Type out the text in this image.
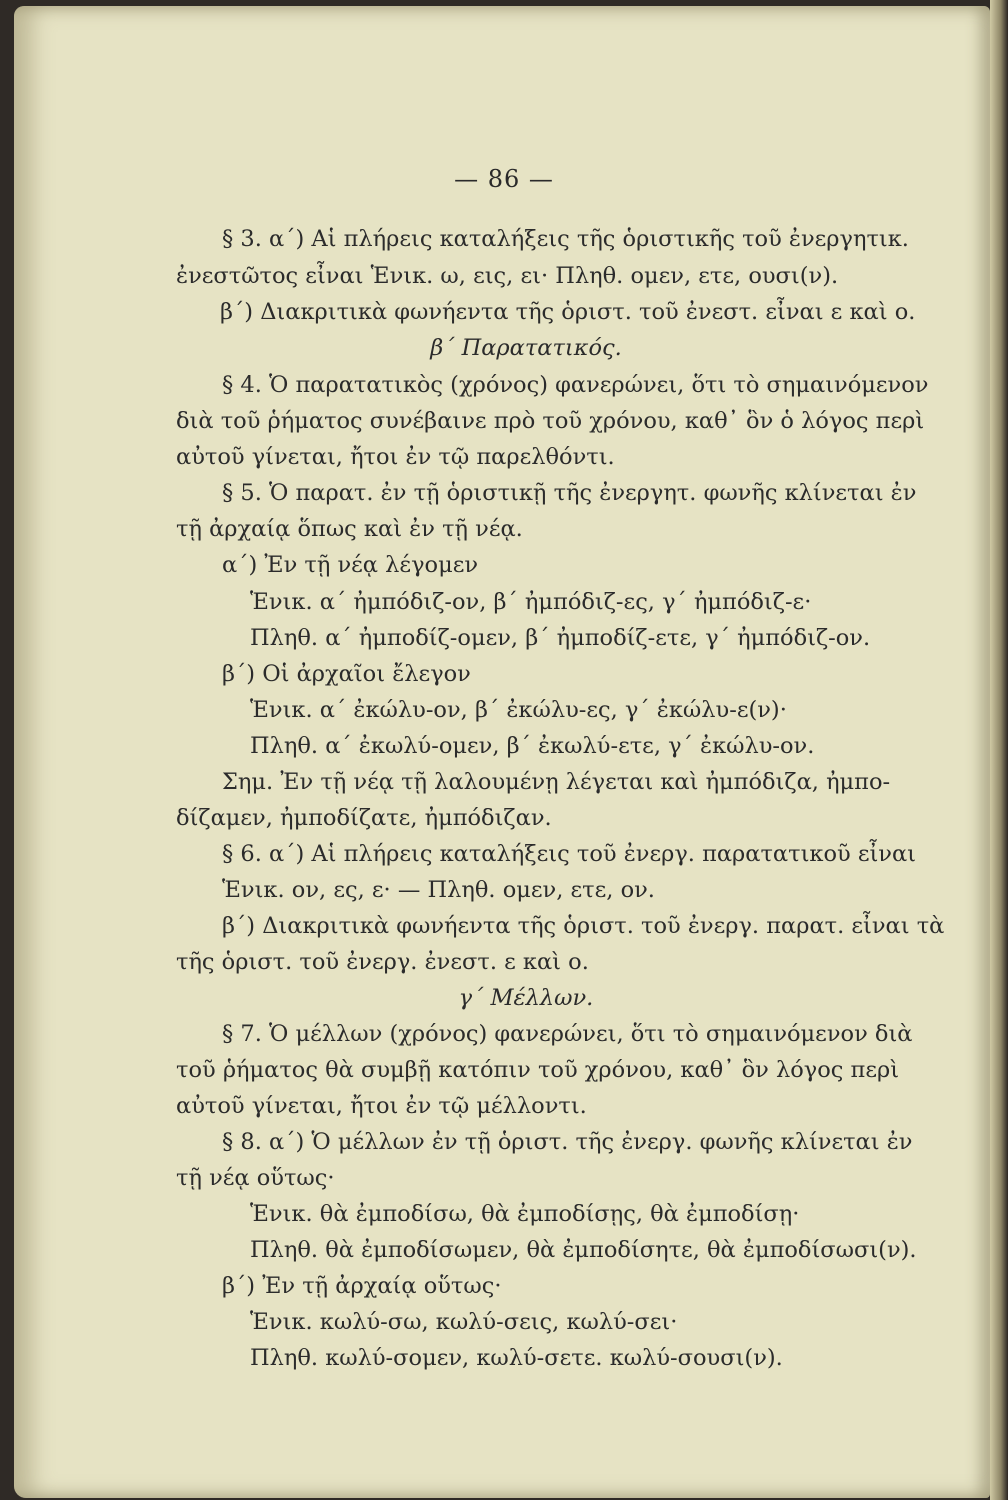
— 86 —
§ 3. α΄) Αἱ πλήρεις καταλήξεις τῆς ὁριστικῆς τοῦ ἐνεργητικ.
ἐνεστῶτος εἶναι Ἑνικ. ω, εις, ει· Πληθ. ομεν, ετε, ουσι(ν).
β΄) Διακριτικὰ φωνήεντα τῆς ὁριστ. τοῦ ἐνεστ. εἶναι ε καὶ ο.
β΄ Παρατατικός.
§ 4. Ὁ παρατατικὸς (χρόνος) φανερώνει, ὅτι τὸ σημαινόμενον
διὰ τοῦ ῥήματος συνέβαινε πρὸ τοῦ χρόνου, καθ᾽ ὃν ὁ λόγος περὶ
αὐτοῦ γίνεται, ἤτοι ἐν τῷ παρελθόντι.
§ 5. Ὁ παρατ. ἐν τῇ ὁριστικῇ τῆς ἐνεργητ. φωνῆς κλίνεται ἐν
τῇ ἀρχαίᾳ ὅπως καὶ ἐν τῇ νέᾳ.
α΄) Ἐν τῇ νέᾳ λέγομεν
Ἑνικ. α΄ ἠμπόδιζ-ον, β΄ ἠμπόδιζ-ες, γ΄ ἠμπόδιζ-ε·
Πληθ. α΄ ἠμποδίζ-ομεν, β΄ ἠμποδίζ-ετε, γ΄ ἠμπόδιζ-ον.
β΄) Οἱ ἀρχαῖοι ἔλεγον
Ἑνικ. α΄ ἐκώλυ-ον, β΄ ἐκώλυ-ες, γ΄ ἐκώλυ-ε(ν)·
Πληθ. α΄ ἐκωλύ-ομεν, β΄ ἐκωλύ-ετε, γ΄ ἐκώλυ-ον.
Σημ. Ἐν τῇ νέᾳ τῇ λαλουμένῃ λέγεται καὶ ἠμπόδιζα, ἠμπο-
δίζαμεν, ἠμποδίζατε, ἠμπόδιζαν.
§ 6. α΄) Αἱ πλήρεις καταλήξεις τοῦ ἐνεργ. παρατατικοῦ εἶναι
Ἑνικ. ον, ες, ε· — Πληθ. ομεν, ετε, ον.
β΄) Διακριτικὰ φωνήεντα τῆς ὁριστ. τοῦ ἐνεργ. παρατ. εἶναι τὰ
τῆς ὁριστ. τοῦ ἐνεργ. ἐνεστ. ε καὶ ο.
γ΄ Μέλλων.
§ 7. Ὁ μέλλων (χρόνος) φανερώνει, ὅτι τὸ σημαινόμενον διὰ
τοῦ ῥήματος θὰ συμβῇ κατόπιν τοῦ χρόνου, καθ᾽ ὃν λόγος περὶ
αὐτοῦ γίνεται, ἤτοι ἐν τῷ μέλλοντι.
§ 8. α΄) Ὁ μέλλων ἐν τῇ ὁριστ. τῆς ἐνεργ. φωνῆς κλίνεται ἐν
τῇ νέᾳ οὕτως·
Ἑνικ. θὰ ἐμποδίσω, θὰ ἐμποδίσῃς, θὰ ἐμποδίσῃ·
Πληθ. θὰ ἐμποδίσωμεν, θὰ ἐμποδίσητε, θὰ ἐμποδίσωσι(ν).
β΄) Ἐν τῇ ἀρχαίᾳ οὕτως·
Ἑνικ. κωλύ-σω, κωλύ-σεις, κωλύ-σει·
Πληθ. κωλύ-σομεν, κωλύ-σετε. κωλύ-σουσι(ν).
